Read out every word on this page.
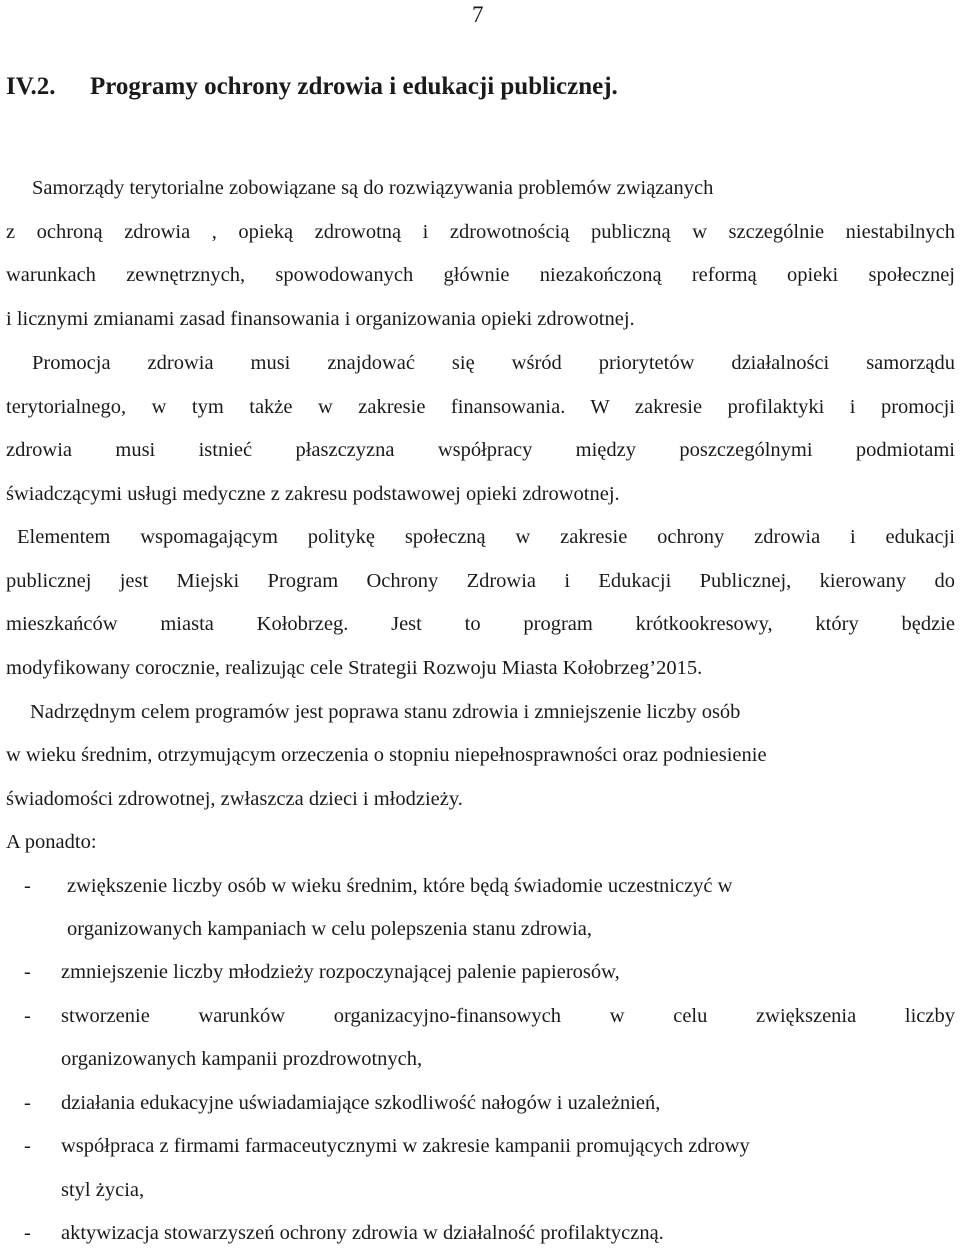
7
IV.2. Programy ochrony zdrowia i edukacji publicznej.
Samorządy terytorialne zobowiązane są do rozwiązywania problemów związanych
z ochroną zdrowia , opieką zdrowotną i zdrowotnością publiczną w szczególnie niestabilnych
warunkach zewnętrznych, spowodowanych głównie niezakończoną reformą opieki społecznej
i licznymi zmianami zasad finansowania i organizowania opieki zdrowotnej.
Promocja zdrowia musi znajdować się wśród priorytetów działalności samorządu
terytorialnego, w tym także w zakresie finansowania. W zakresie profilaktyki i promocji
zdrowia musi istnieć płaszczyzna współpracy między poszczególnymi podmiotami
świadczącymi usługi medyczne z zakresu podstawowej opieki zdrowotnej.
Elementem wspomagającym politykę społeczną w zakresie ochrony zdrowia i edukacji
publicznej jest Miejski Program Ochrony Zdrowia i Edukacji Publicznej, kierowany do
mieszkańców miasta Kołobrzeg. Jest to program krótkookresowy, który będzie
modyfikowany corocznie, realizując cele Strategii Rozwoju Miasta Kołobrzeg’2015.
Nadrzędnym celem programów jest poprawa stanu zdrowia i zmniejszenie liczby osób
w wieku średnim, otrzymującym orzeczenia o stopniu niepełnosprawności oraz podniesienie
świadomości zdrowotnej, zwłaszcza dzieci i młodzieży.
A ponadto:
- zwiększenie liczby osób w wieku średnim, które będą świadomie uczestniczyć w
organizowanych kampaniach w celu polepszenia stanu zdrowia,
- zmniejszenie liczby młodzieży rozpoczynającej palenie papierosów,
- stworzenie warunków organizacyjno-finansowych w celu zwiększenia liczby
organizowanych kampanii prozdrowotnych,
- działania edukacyjne uświadamiające szkodliwość nałogów i uzależnień,
- współpraca z firmami farmaceutycznymi w zakresie kampanii promujących zdrowy
styl życia,
- aktywizacja stowarzyszeń ochrony zdrowia w działalność profilaktyczną.
